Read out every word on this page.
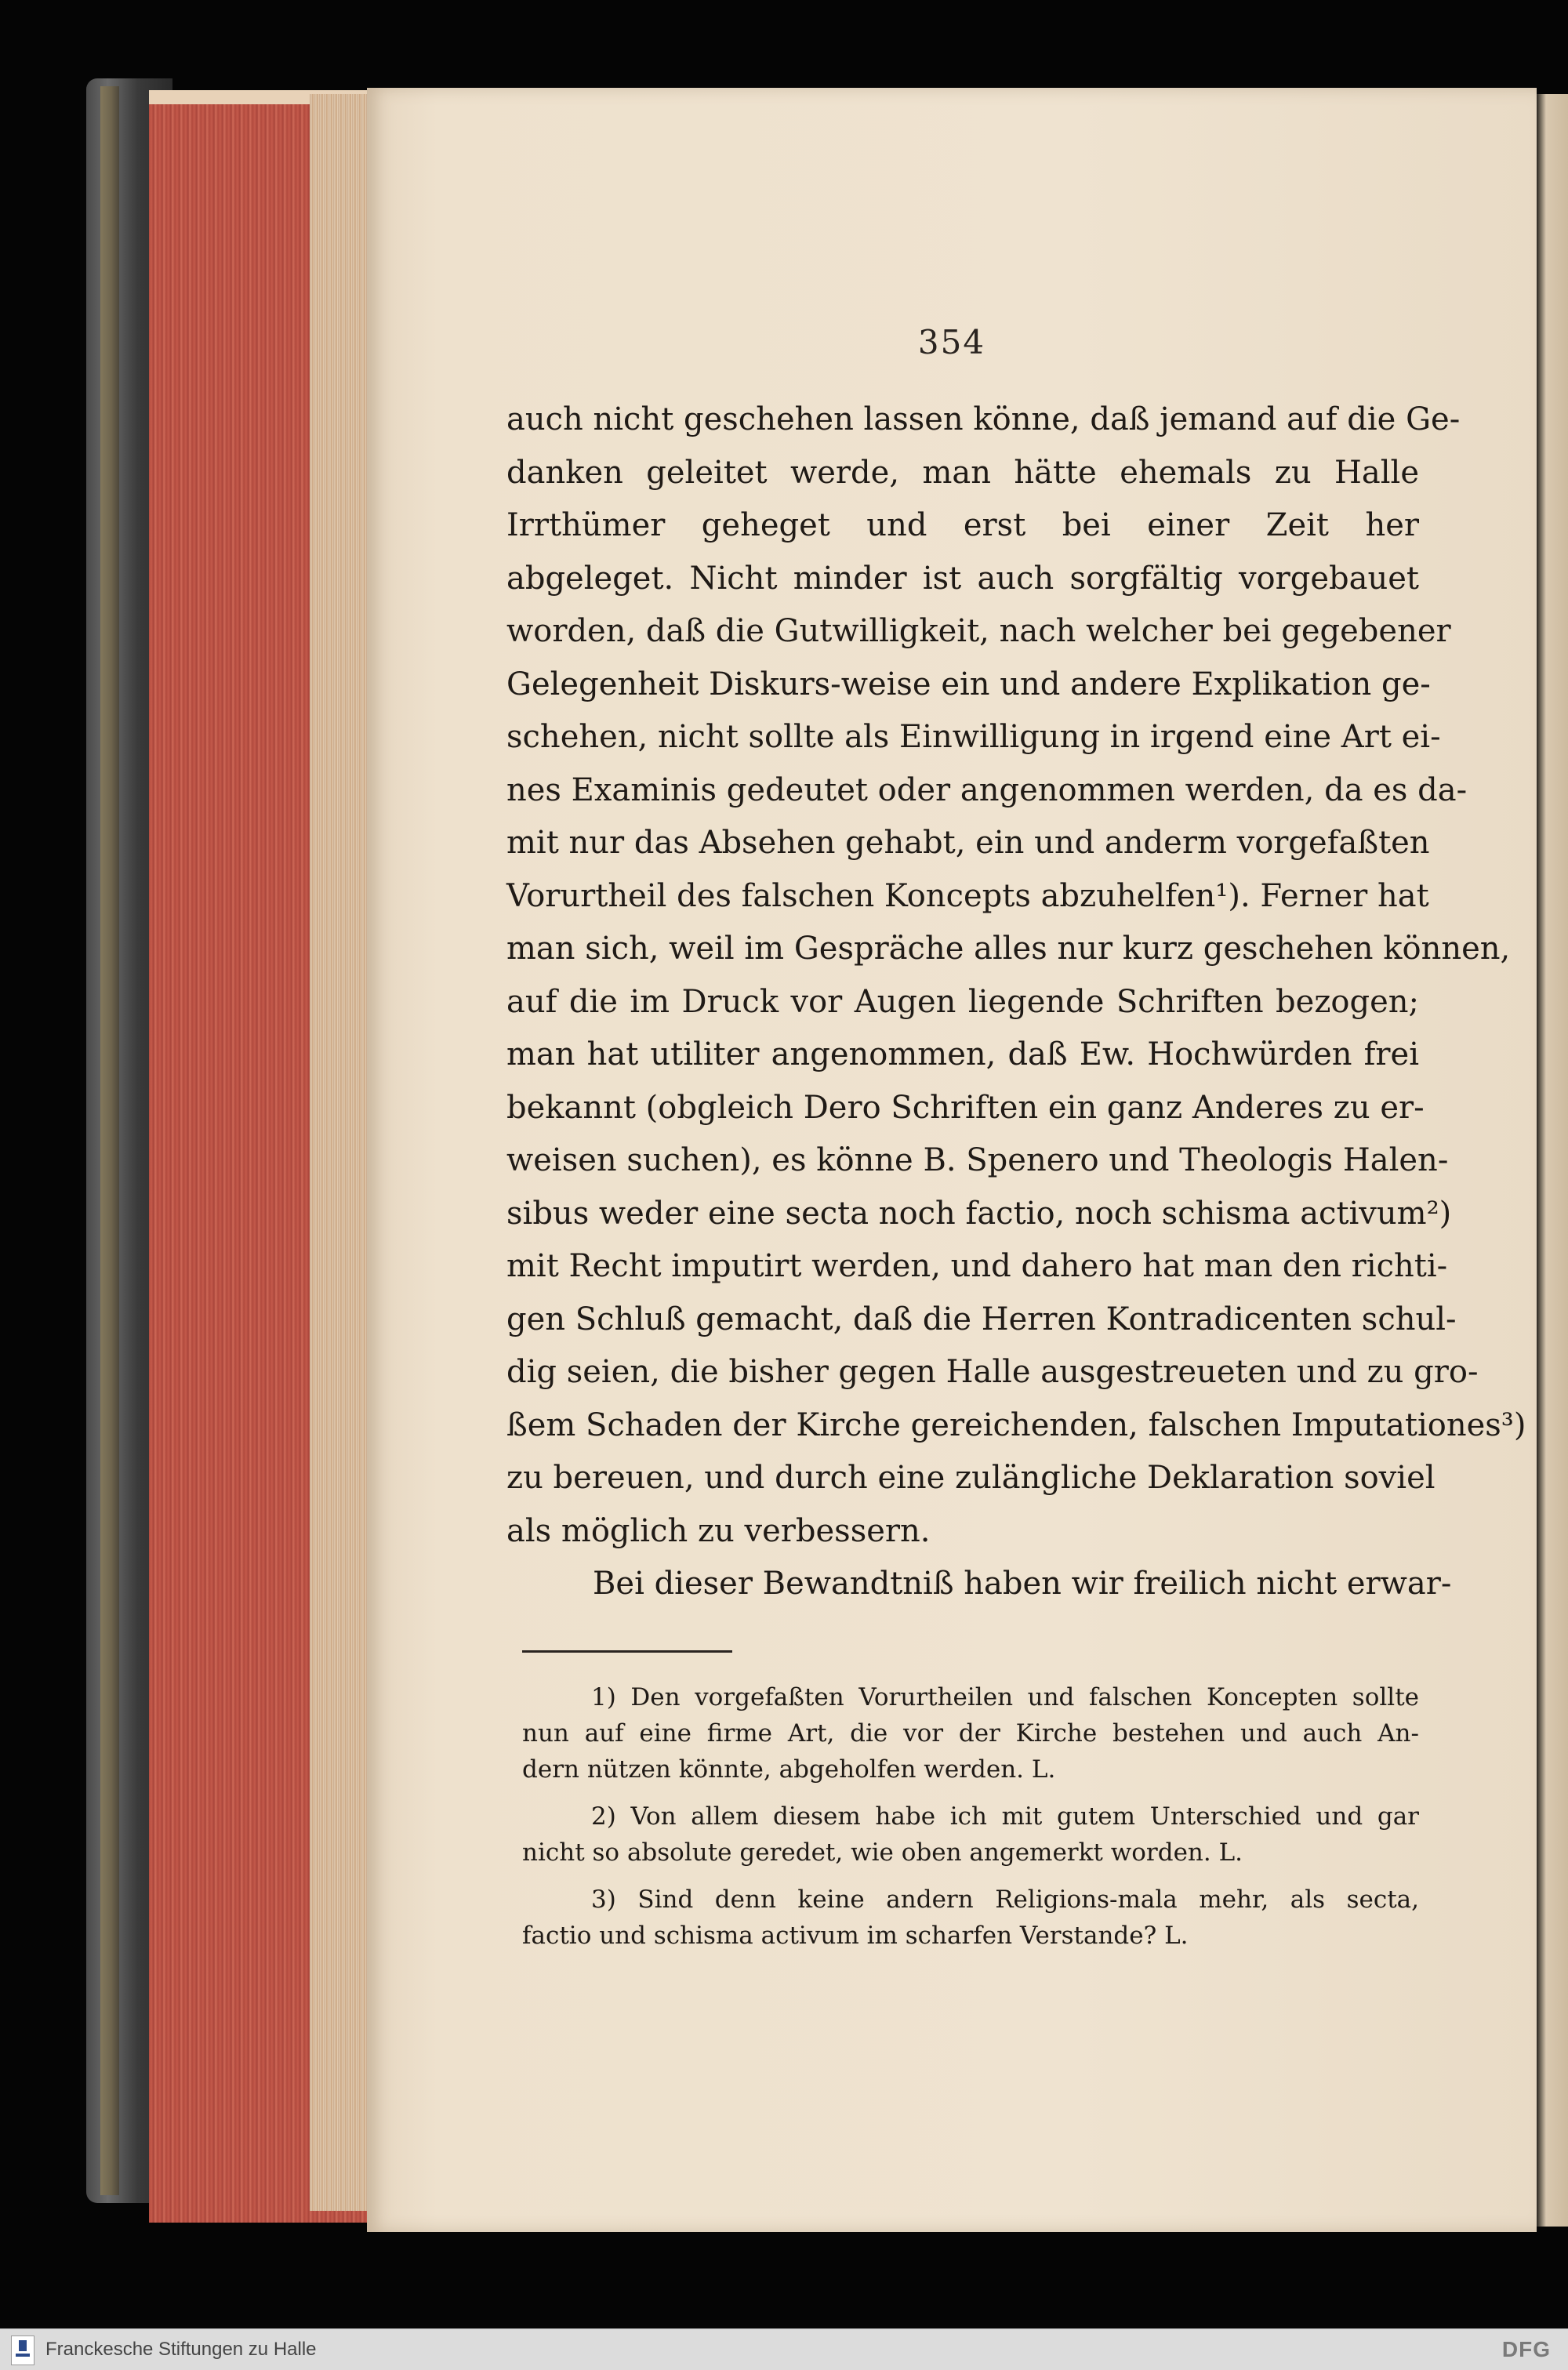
354
auch nicht geschehen lassen könne, daß jemand auf die Ge-
danken geleitet werde, man hätte ehemals zu Halle
Irrthümer geheget und erst bei einer Zeit her
abgeleget. Nicht minder ist auch sorgfältig vorgebauet
worden, daß die Gutwilligkeit, nach welcher bei gegebener
Gelegenheit Diskurs-weise ein und andere Explikation ge-
schehen, nicht sollte als Einwilligung in irgend eine Art ei-
nes Examinis gedeutet oder angenommen werden, da es da-
mit nur das Absehen gehabt, ein und anderm vorgefaßten
Vorurtheil des falschen Koncepts abzuhelfen¹). Ferner hat
man sich, weil im Gespräche alles nur kurz geschehen können,
auf die im Druck vor Augen liegende Schriften bezogen;
man hat utiliter angenommen, daß Ew. Hochwürden frei
bekannt (obgleich Dero Schriften ein ganz Anderes zu er-
weisen suchen), es könne B. Spenero und Theologis Halen-
sibus weder eine secta noch factio, noch schisma activum²)
mit Recht imputirt werden, und dahero hat man den richti-
gen Schluß gemacht, daß die Herren Kontradicenten schul-
dig seien, die bisher gegen Halle ausgestreueten und zu gro-
ßem Schaden der Kirche gereichenden, falschen Imputationes³)
zu bereuen, und durch eine zulängliche Deklaration soviel
als möglich zu verbessern.
Bei dieser Bewandtniß haben wir freilich nicht erwar-
1) Den vorgefaßten Vorurtheilen und falschen Koncepten sollte
nun auf eine firme Art, die vor der Kirche bestehen und auch An-
dern nützen könnte, abgeholfen werden. L.
2) Von allem diesem habe ich mit gutem Unterschied und gar
nicht so absolute geredet, wie oben angemerkt worden. L.
3) Sind denn keine andern Religions-mala mehr, als secta,
factio und schisma activum im scharfen Verstande? L.
Franckesche Stiftungen zu Halle	DFG
